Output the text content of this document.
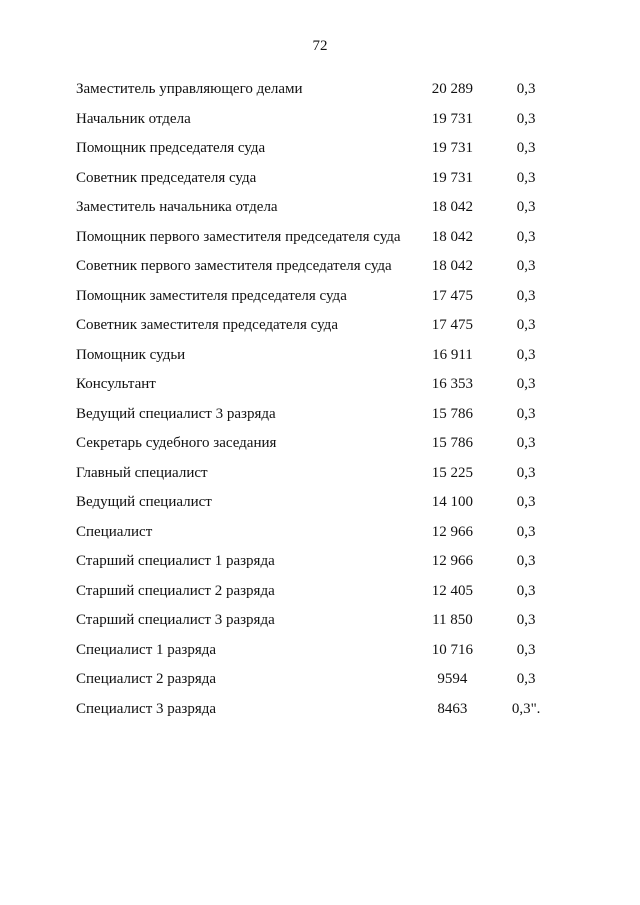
72
Заместитель управляющего делами	20 289	0,3
Начальник отдела	19 731	0,3
Помощник председателя суда	19 731	0,3
Советник председателя суда	19 731	0,3
Заместитель начальника отдела	18 042	0,3
Помощник первого заместителя председателя суда	18 042	0,3
Советник первого заместителя председателя суда	18 042	0,3
Помощник заместителя председателя суда	17 475	0,3
Советник заместителя председателя суда	17 475	0,3
Помощник судьи	16 911	0,3
Консультант	16 353	0,3
Ведущий специалист 3 разряда	15 786	0,3
Секретарь судебного заседания	15 786	0,3
Главный специалист	15 225	0,3
Ведущий специалист	14 100	0,3
Специалист	12 966	0,3
Старший специалист 1 разряда	12 966	0,3
Старший специалист 2 разряда	12 405	0,3
Старший специалист 3 разряда	11 850	0,3
Специалист 1 разряда	10 716	0,3
Специалист 2 разряда	9594	0,3
Специалист 3 разряда	8463	0,3".
